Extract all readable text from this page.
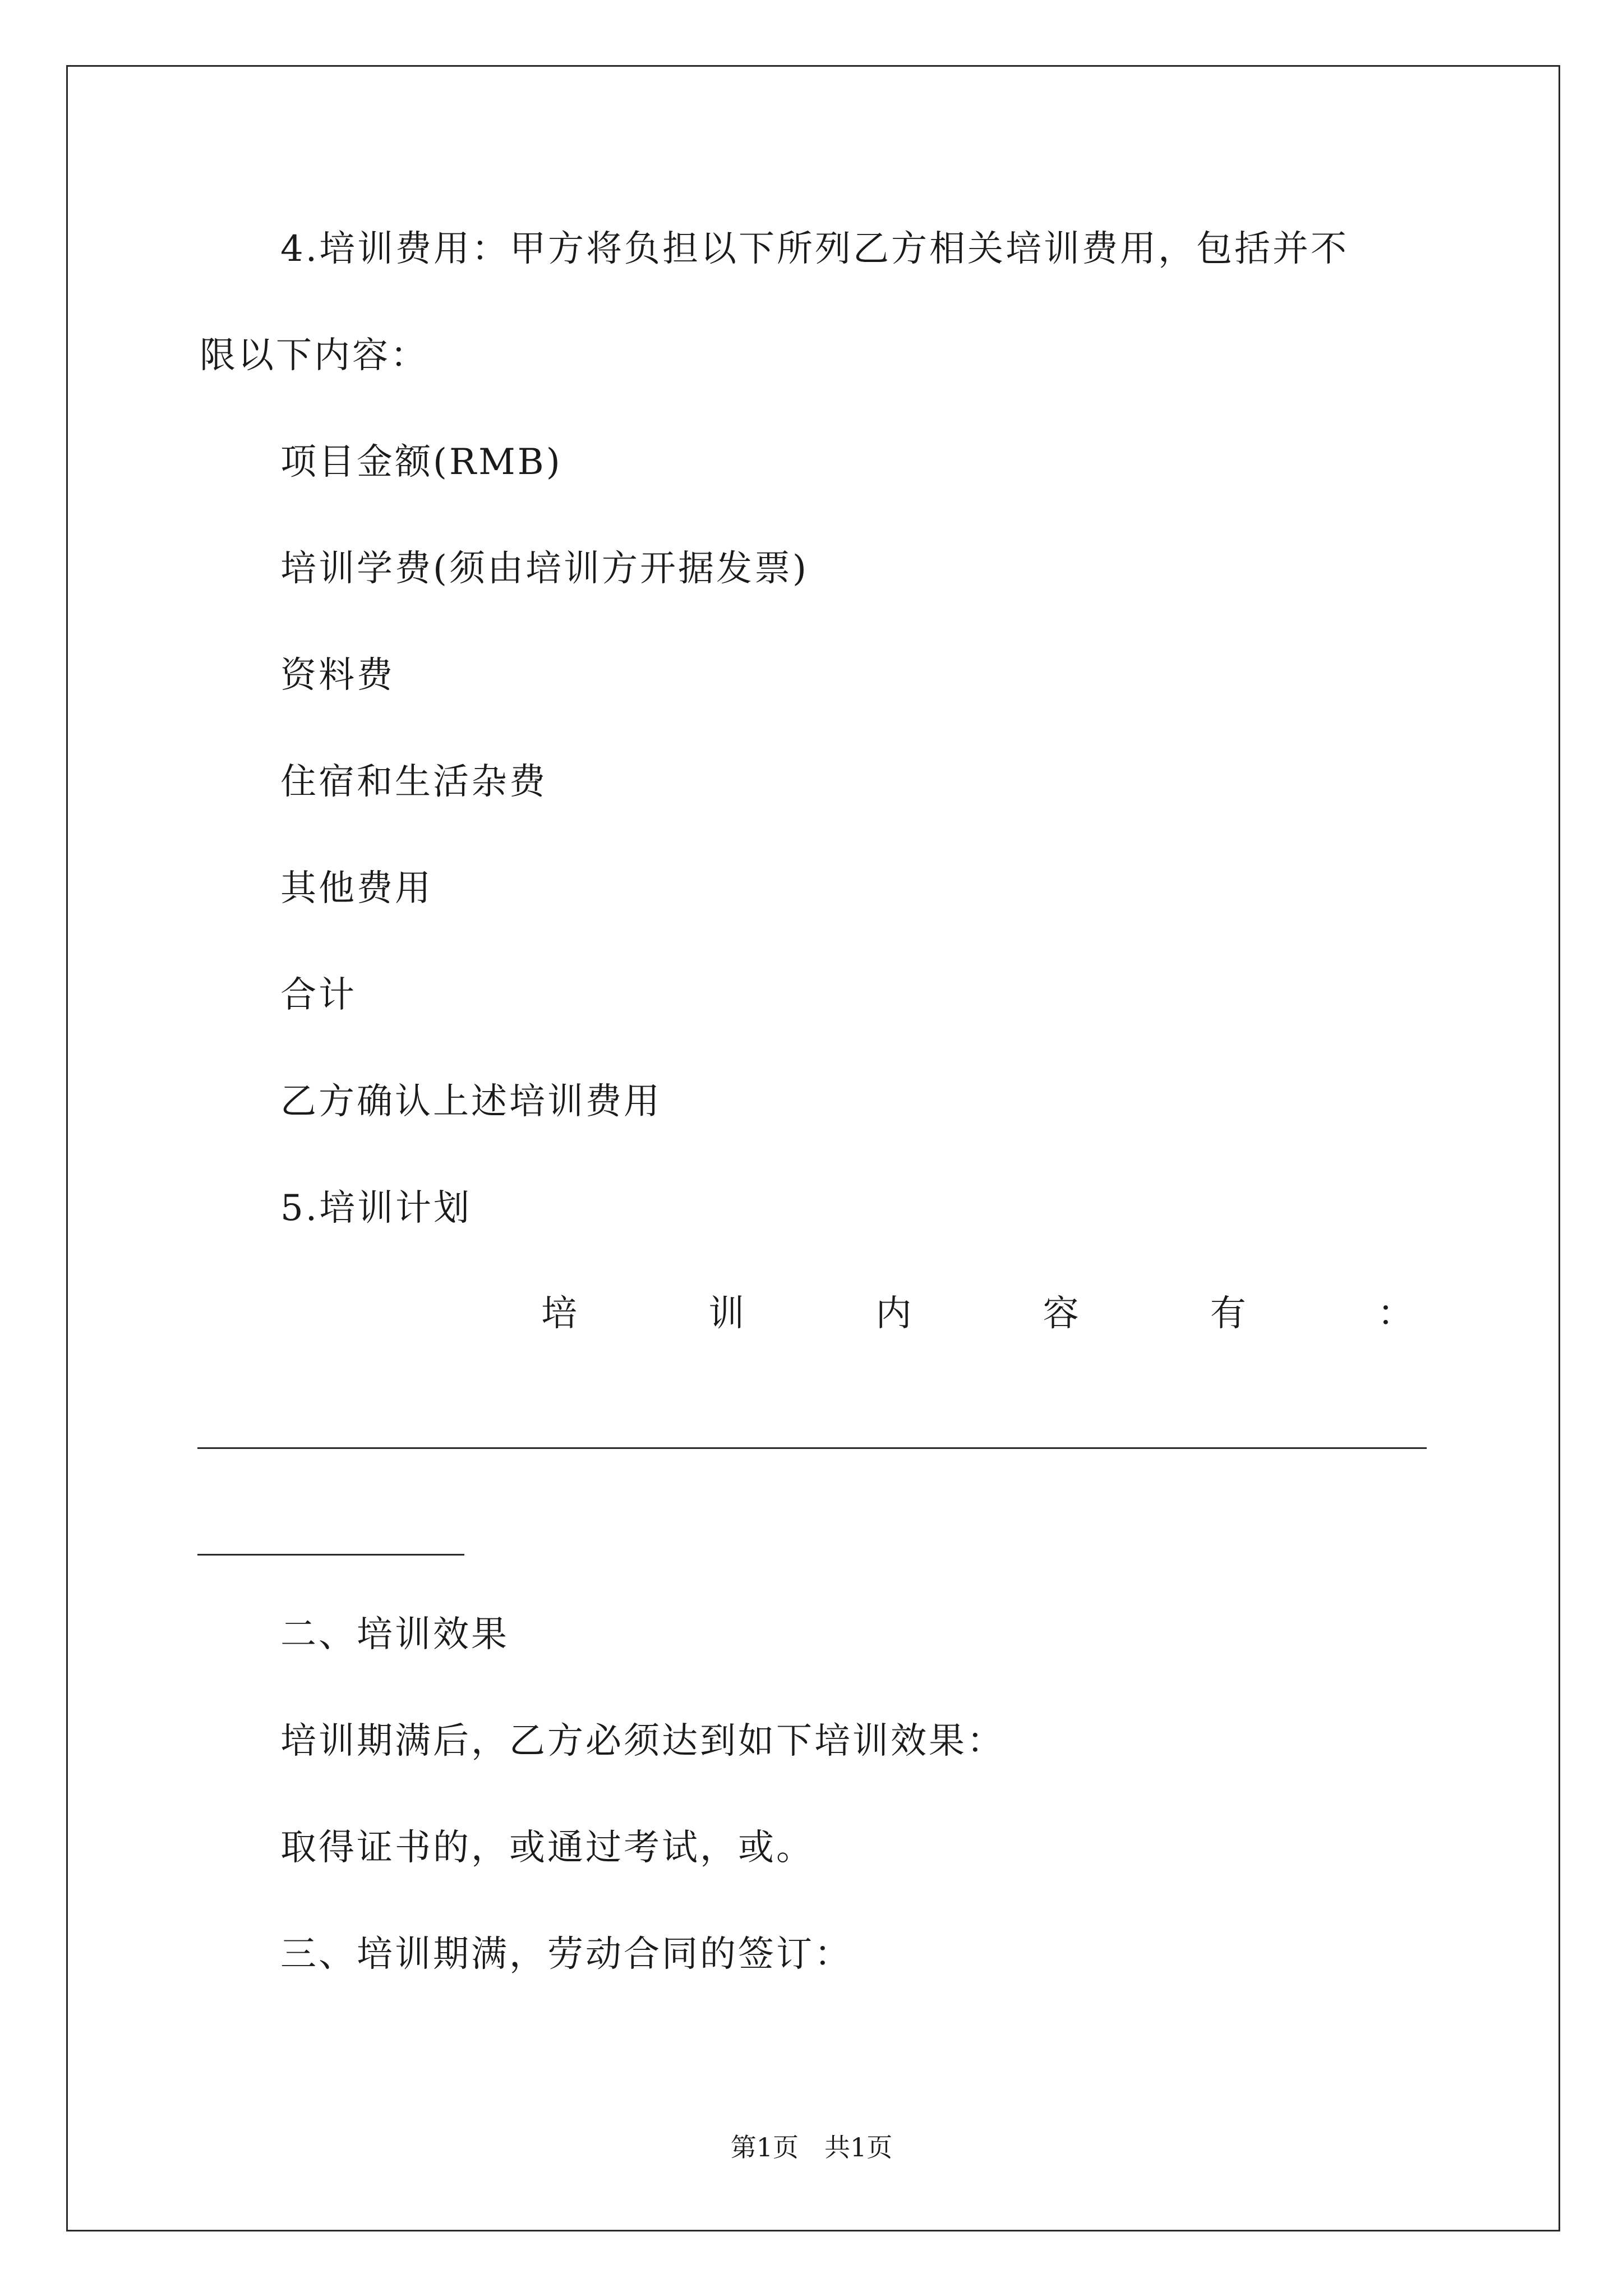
4.培训费用：甲方将负担以下所列乙方相关培训费用，包括并不
限以下内容：
项目金额(RMB)
培训学费(须由培训方开据发票)
资料费
住宿和生活杂费
其他费用
合计
乙方确认上述培训费用
5.培训计划
培	训	内	容	有	：
二、培训效果
培训期满后，乙方必须达到如下培训效果：
取得证书的，或通过考试，或。
三、培训期满，劳动合同的签订：
第1页　共1页
